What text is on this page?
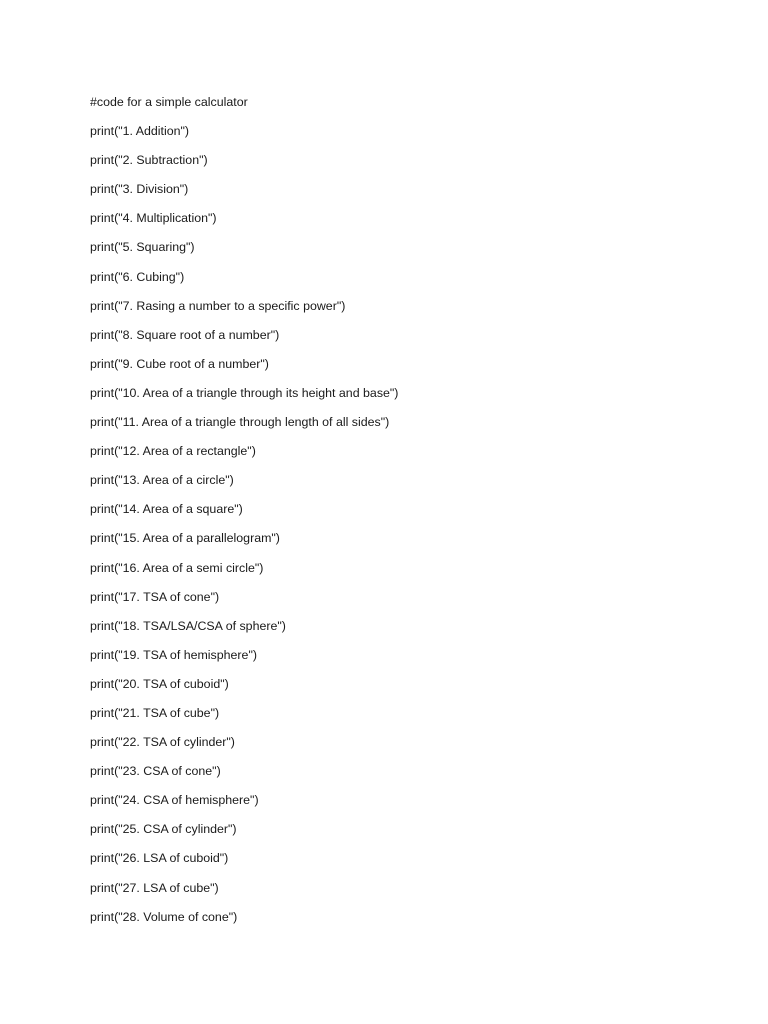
#code for a simple calculator

print("1. Addition")

print("2. Subtraction")

print("3. Division")

print("4. Multiplication")

print("5. Squaring")

print("6. Cubing")

print("7. Rasing a number to a specific power")

print("8. Square root of a number")

print("9. Cube root of a number")

print("10. Area of a triangle through its height and base")

print("11. Area of a triangle through length of all sides")

print("12. Area of a rectangle")

print("13. Area of a circle")

print("14. Area of a square")

print("15. Area of a parallelogram")

print("16. Area of a semi circle")

print("17. TSA of cone")

print("18. TSA/LSA/CSA of sphere")

print("19. TSA of hemisphere")

print("20. TSA of cuboid")

print("21. TSA of cube")

print("22. TSA of cylinder")

print("23. CSA of cone")

print("24. CSA of hemisphere")

print("25. CSA of cylinder")

print("26. LSA of cuboid")

print("27. LSA of cube")

print("28. Volume of cone")
